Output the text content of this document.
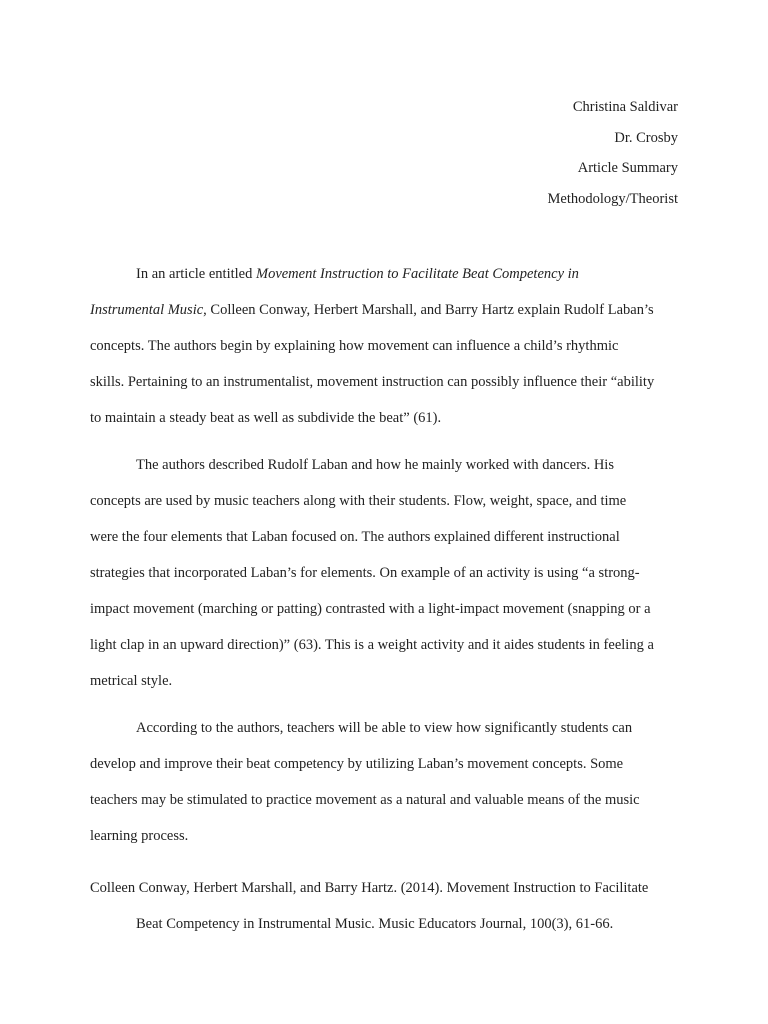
Christina Saldivar
Dr. Crosby
Article Summary
Methodology/Theorist
In an article entitled Movement Instruction to Facilitate Beat Competency in
Instrumental Music, Colleen Conway, Herbert Marshall, and Barry Hartz explain Rudolf Laban’s
concepts. The authors begin by explaining how movement can influence a child’s rhythmic
skills. Pertaining to an instrumentalist, movement instruction can possibly influence their “ability
to maintain a steady beat as well as subdivide the beat” (61).
The authors described Rudolf Laban and how he mainly worked with dancers. His
concepts are used by music teachers along with their students. Flow, weight, space, and time
were the four elements that Laban focused on. The authors explained different instructional
strategies that incorporated Laban’s for elements. On example of an activity is using “a strong-
impact movement (marching or patting) contrasted with a light-impact movement (snapping or a
light clap in an upward direction)” (63). This is a weight activity and it aides students in feeling a
metrical style.
According to the authors, teachers will be able to view how significantly students can
develop and improve their beat competency by utilizing Laban’s movement concepts. Some
teachers may be stimulated to practice movement as a natural and valuable means of the music
learning process.
Colleen Conway, Herbert Marshall, and Barry Hartz. (2014). Movement Instruction to Facilitate
Beat Competency in Instrumental Music. Music Educators Journal, 100(3), 61-66.
